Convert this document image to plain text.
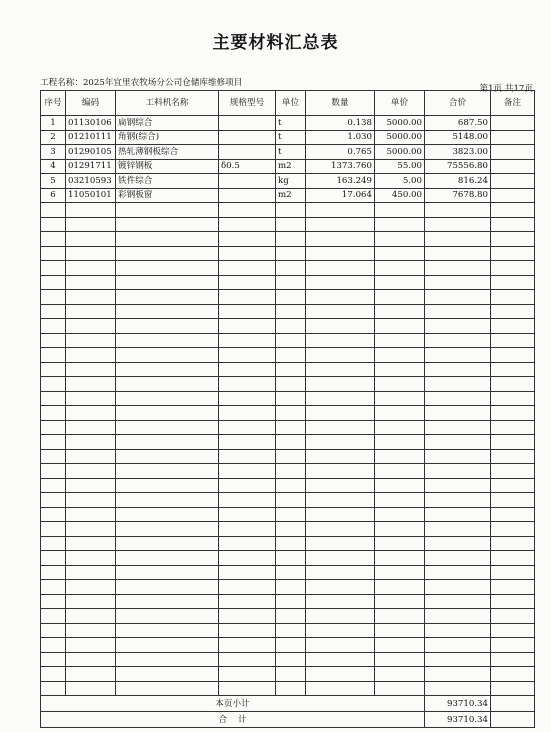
主要材料汇总表
工程名称：2025年宜里农牧场分公司仓储库维修项目
第1页 共17页
序号	编码	工料机名称	规格型号	单位	数量	单价	合价	备注
1	01130106	扁钢综合		t	0.138	5000.00	687.50	
2	01210111	角钢(综合)		t	1.030	5000.00	5148.00	
3	01290105	热轧薄钢板综合		t	0.765	5000.00	3823.00	
4	01291711	镀锌钢板	δ0.5	m2	1373.760	55.00	75556.80	
5	03210593	铁件综合		kg	163.249	5.00	816.24	
6	11050101	彩钢板窗		m2	17.064	450.00	7678.80	

本页小计							93710.34	
合    计							93710.34	
